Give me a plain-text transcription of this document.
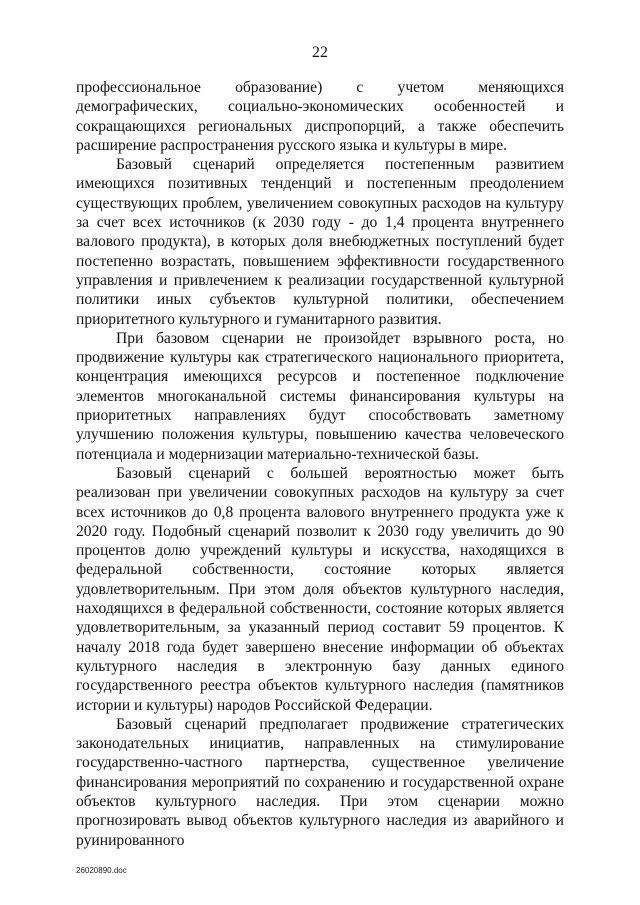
22

профессиональное образование) с учетом меняющихся демографических, социально-экономических особенностей и сокращающихся региональных диспропорций, а также обеспечить расширение распространения русского языка и культуры в мире.

Базовый сценарий определяется постепенным развитием имеющихся позитивных тенденций и постепенным преодолением существующих проблем, увеличением совокупных расходов на культуру за счет всех источников (к 2030 году - до 1,4 процента внутреннего валового продукта), в которых доля внебюджетных поступлений будет постепенно возрастать, повышением эффективности государственного управления и привлечением к реализации государственной культурной политики иных субъектов культурной политики, обеспечением приоритетного культурного и гуманитарного развития.

При базовом сценарии не произойдет взрывного роста, но продвижение культуры как стратегического национального приоритета, концентрация имеющихся ресурсов и постепенное подключение элементов многоканальной системы финансирования культуры на приоритетных направлениях будут способствовать заметному улучшению положения культуры, повышению качества человеческого потенциала и модернизации материально-технической базы.

Базовый сценарий с большей вероятностью может быть реализован при увеличении совокупных расходов на культуру за счет всех источников до 0,8 процента валового внутреннего продукта уже к 2020 году. Подобный сценарий позволит к 2030 году увеличить до 90 процентов долю учреждений культуры и искусства, находящихся в федеральной собственности, состояние которых является удовлетворительным. При этом доля объектов культурного наследия, находящихся в федеральной собственности, состояние которых является удовлетворительным, за указанный период составит 59 процентов. К началу 2018 года будет завершено внесение информации об объектах культурного наследия в электронную базу данных единого государственного реестра объектов культурного наследия (памятников истории и культуры) народов Российской Федерации.

Базовый сценарий предполагает продвижение стратегических законодательных инициатив, направленных на стимулирование государственно-частного партнерства, существенное увеличение финансирования мероприятий по сохранению и государственной охране объектов культурного наследия. При этом сценарии можно прогнозировать вывод объектов культурного наследия из аварийного и руинированного

26020890.doc
